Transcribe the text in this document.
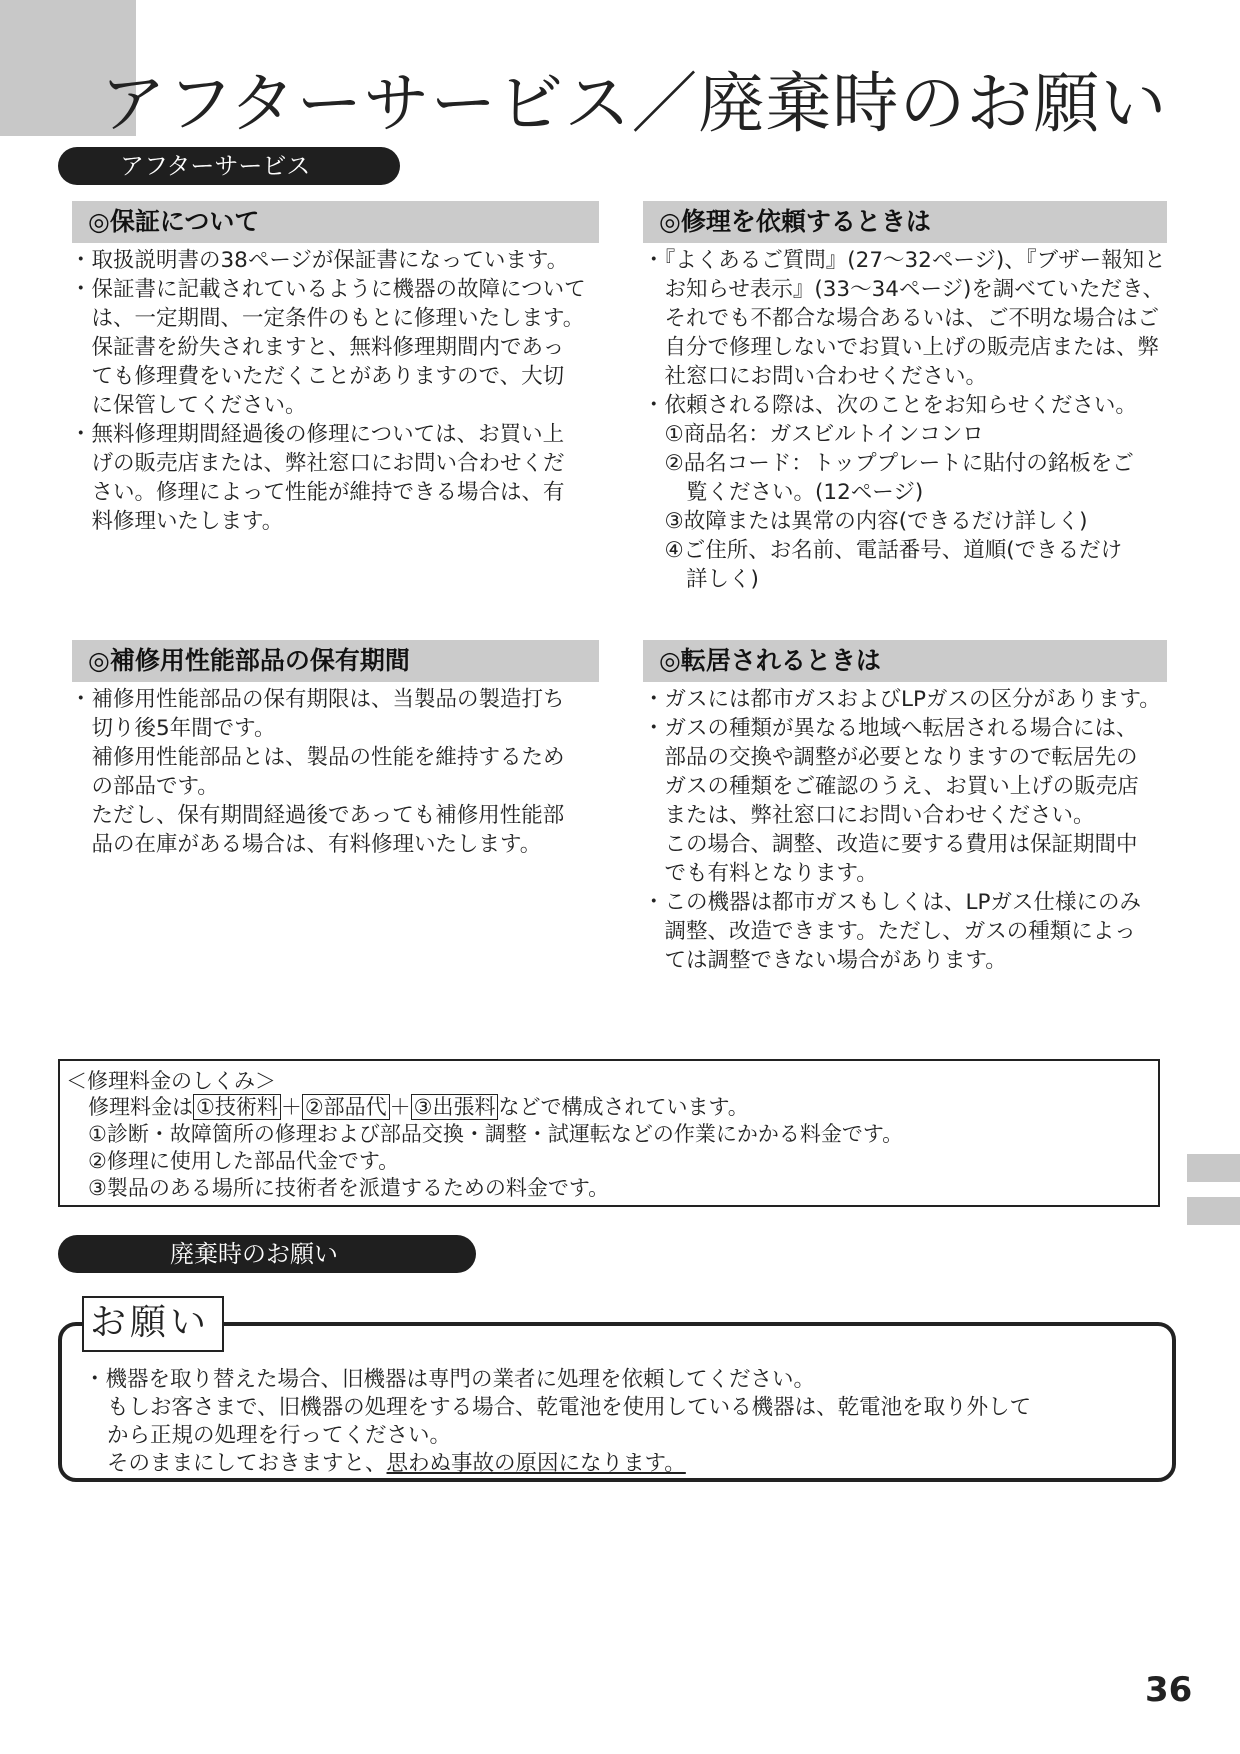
アフターサービス／廃棄時のお願い
アフターサービス
◎保証について
・取扱説明書の38ページが保証書になっています。
・保証書に記載されているように機器の故障について
　は、一定期間、一定条件のもとに修理いたします。
　保証書を紛失されますと、無料修理期間内であっ
　ても修理費をいただくことがありますので、大切
　に保管してください。
・無料修理期間経過後の修理については、お買い上
　げの販売店または、弊社窓口にお問い合わせくだ
　さい。修理によって性能が維持できる場合は、有
　料修理いたします。
◎修理を依頼するときは
・『よくあるご質問』(27〜32ページ)、『ブザー報知と
　お知らせ表示』(33〜34ページ)を調べていただき、
　それでも不都合な場合あるいは、ご不明な場合はご
　自分で修理しないでお買い上げの販売店または、弊
　社窓口にお問い合わせください。
・依頼される際は、次のことをお知らせください。
　①商品名：ガスビルトインコンロ
　②品名コード：トッププレートに貼付の銘板をご
　　覧ください。(12ページ)
　③故障または異常の内容(できるだけ詳しく)
　④ご住所、お名前、電話番号、道順(できるだけ
　　詳しく)
◎補修用性能部品の保有期間
・補修用性能部品の保有期限は、当製品の製造打ち
　切り後5年間です。
　補修用性能部品とは、製品の性能を維持するため
　の部品です。
　ただし、保有期間経過後であっても補修用性能部
　品の在庫がある場合は、有料修理いたします。
◎転居されるときは
・ガスには都市ガスおよびLPガスの区分があります。
・ガスの種類が異なる地域へ転居される場合には、
　部品の交換や調整が必要となりますので転居先の
　ガスの種類をご確認のうえ、お買い上げの販売店
　または、弊社窓口にお問い合わせください。
　この場合、調整、改造に要する費用は保証期間中
　でも有料となります。
・この機器は都市ガスもしくは、LPガス仕様にのみ
　調整、改造できます。ただし、ガスの種類によっ
　ては調整できない場合があります。
＜修理料金のしくみ＞
修理料金は ①技術料 ＋ ②部品代 ＋ ③出張料 などで構成されています。
①診断・故障箇所の修理および部品交換・調整・試運転などの作業にかかる料金です。
②修理に使用した部品代金です。
③製品のある場所に技術者を派遣するための料金です。
廃棄時のお願い
お願い
・機器を取り替えた場合、旧機器は専門の業者に処理を依頼してください。
もしお客さまで、旧機器の処理をする場合、乾電池を使用している機器は、乾電池を取り外して
から正規の処理を行ってください。
そのままにしておきますと、思わぬ事故の原因になります。
36
